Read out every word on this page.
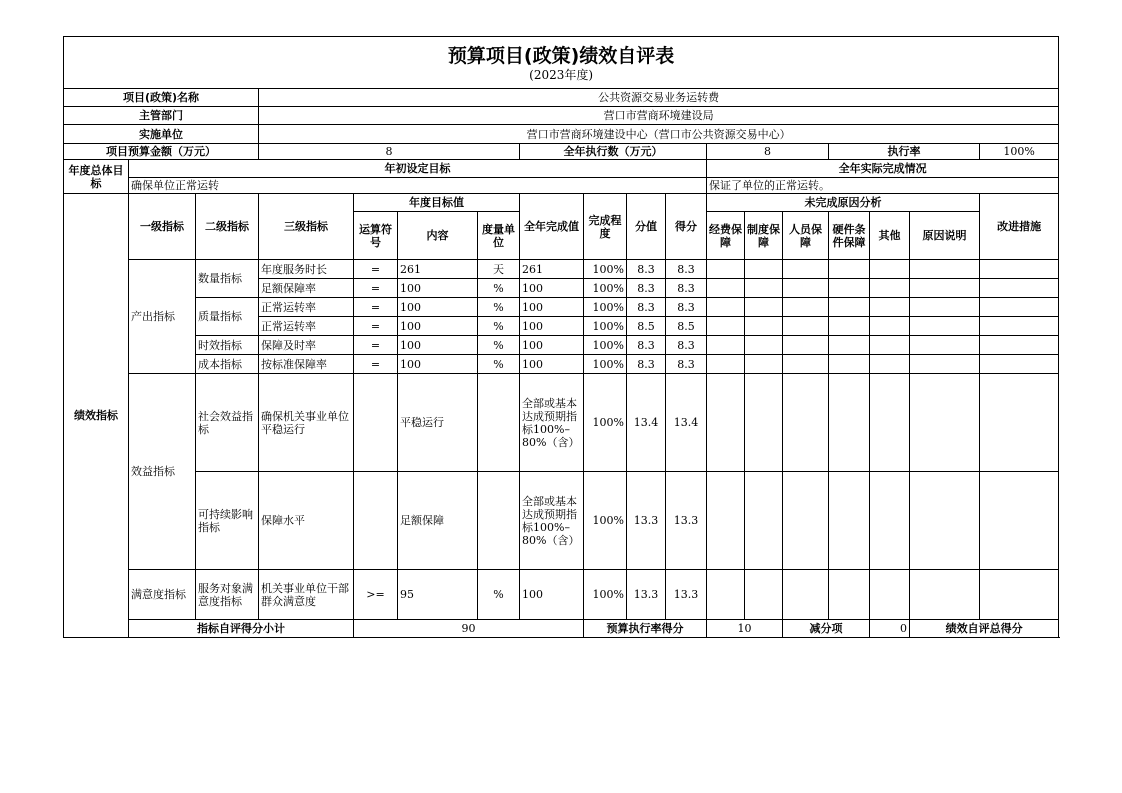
预算项目(政策)绩效自评表
(2023年度)																		

项目(政策)名称			公共资源交易业务运转费															
主管部门			营口市营商环境建设局															
实施单位			营口市营商环境建设中心（营口市公共资源交易中心）															
项目预算金额（万元）			8				全年执行数（万元）				8			执行率			100%	
年度总体目标	年初设定目标										全年实际完成情况							
	确保单位正常运转										保证了单位的正常运转。							
绩效指标	一级指标	二级指标	三级指标	年度目标值			全年完成值	完成程度	分值	得分	未完成原因分析						改进措施	
				运算符号	内容	度量单位					经费保障	制度保障	人员保障	硬件条件保障	其他	原因说明		
	产出指标	数量指标	年度服务时长	=	261	天	261	100%	8.3	8.3								
			足额保障率	=	100	%	100	100%	8.3	8.3								
		质量指标	正常运转率	=	100	%	100	100%	8.3	8.3								
			正常运转率	=	100	%	100	100%	8.5	8.5								
		时效指标	保障及时率	=	100	%	100	100%	8.3	8.3								
		成本指标	按标准保障率	=	100	%	100	100%	8.3	8.3								
	效益指标	社会效益指标	确保机关事业单位平稳运行		平稳运行		全部或基本达成预期指标100%–80%（含）	100%	13.4	13.4								
		可持续影响指标	保障水平		足额保障		全部或基本达成预期指标100%–80%（含）	100%	13.3	13.3								
	满意度指标	服务对象满意度指标	机关事业单位干部群众满意度	>=	95	%	100	100%	13.3	13.3								
	指标自评得分小计			90				预算执行率得分			10		减分项		0	绩效自评总得分	
